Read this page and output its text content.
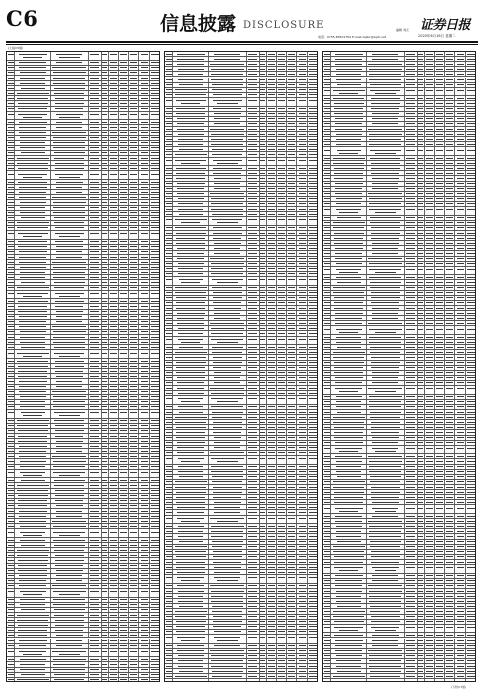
C6	信息披露 DISCLOSURE	编辑 刘元
电话：0755-83501750 E-mail:zqsbr@zqrb.net
证券日报
2020年6月16日 星期二
(上接C5版)
(下转C7版)
